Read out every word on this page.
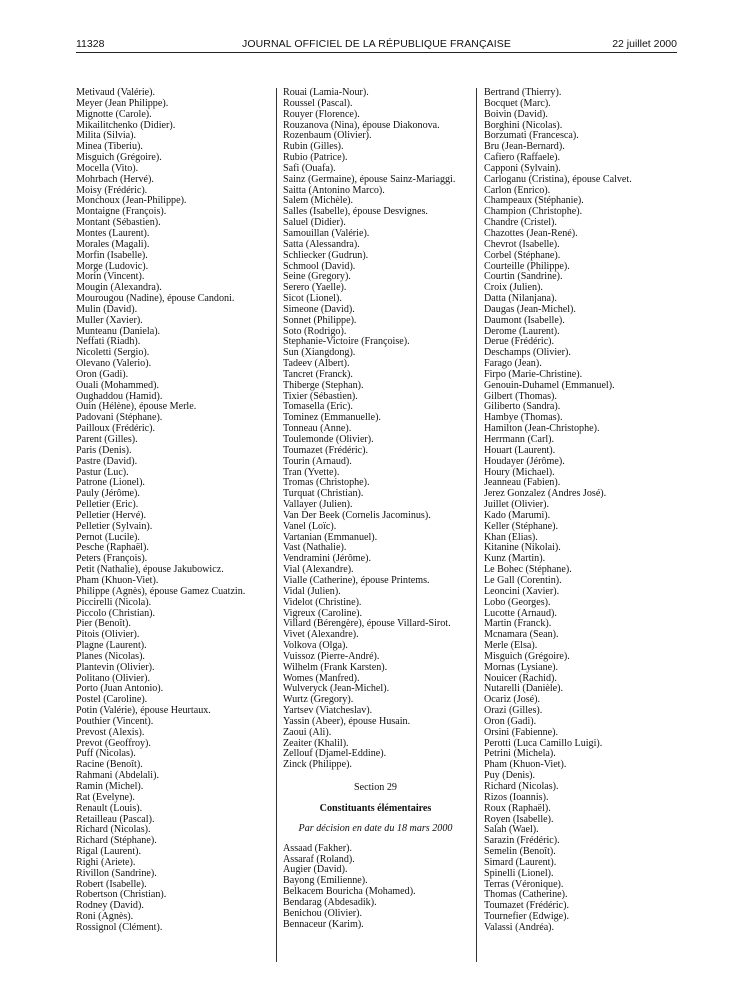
11328	JOURNAL OFFICIEL DE LA RÉPUBLIQUE FRANÇAISE	22 juillet 2000
Metivaud (Valérie).
Meyer (Jean Philippe).
Mignotte (Carole).
Mikailitchenko (Didier).
Milita (Silvia).
Minea (Tiberiu).
Misguich (Grégoire).
Mocella (Vito).
Mohrbach (Hervé).
Moisy (Frédéric).
Monchoux (Jean-Philippe).
Montaigne (François).
Montant (Sébastien).
Montes (Laurent).
Morales (Magali).
Morfin (Isabelle).
Morge (Ludovic).
Morin (Vincent).
Mougin (Alexandra).
Mourougou (Nadine), épouse Candoni.
Mulin (David).
Muller (Xavier).
Munteanu (Daniela).
Neffati (Riadh).
Nicoletti (Sergio).
Olevano (Valerio).
Oron (Gadi).
Ouali (Mohammed).
Oughaddou (Hamid).
Ouin (Hélène), épouse Merle.
Padovani (Stéphane).
Pailloux (Frédéric).
Parent (Gilles).
Paris (Denis).
Pastre (David).
Pastur (Luc).
Patrone (Lionel).
Pauly (Jérôme).
Pelletier (Eric).
Pelletier (Hervé).
Pelletier (Sylvain).
Pernot (Lucile).
Pesche (Raphaël).
Peters (François).
Petit (Nathalie), épouse Jakubowicz.
Pham (Khuon-Viet).
Philippe (Agnès), épouse Gamez Cuatzin.
Piccirelli (Nicola).
Piccolo (Christian).
Pier (Benoît).
Pitois (Olivier).
Plagne (Laurent).
Planes (Nicolas).
Plantevin (Olivier).
Politano (Olivier).
Porto (Juan Antonio).
Postel (Caroline).
Potin (Valérie), épouse Heurtaux.
Pouthier (Vincent).
Prevost (Alexis).
Prevot (Geoffroy).
Puff (Nicolas).
Racine (Benoît).
Rahmani (Abdelali).
Ramin (Michel).
Rat (Evelyne).
Renault (Louis).
Retailleau (Pascal).
Richard (Nicolas).
Richard (Stéphane).
Rigal (Laurent).
Righi (Ariete).
Rivillon (Sandrine).
Robert (Isabelle).
Robertson (Christian).
Rodney (David).
Roni (Agnès).
Rossignol (Clément).
Rouai (Lamia-Nour).
Roussel (Pascal).
Rouyer (Florence).
Rouzanova (Nina), épouse Diakonova.
Rozenbaum (Olivier).
Rubin (Gilles).
Rubio (Patrice).
Safi (Ouafa).
Sainz (Germaine), épouse Sainz-Mariaggi.
Saitta (Antonino Marco).
Salem (Michèle).
Salles (Isabelle), épouse Desvignes.
Saluel (Didier).
Samouillan (Valérie).
Satta (Alessandra).
Schliecker (Gudrun).
Schmool (David).
Seine (Gregory).
Serero (Yaelle).
Sicot (Lionel).
Simeone (David).
Sonnet (Philippe).
Soto (Rodrigo).
Stephanie-Victoire (Françoise).
Sun (Xiangdong).
Tadeev (Albert).
Tancret (Franck).
Thiberge (Stephan).
Tixier (Sébastien).
Tomasella (Eric).
Tominez (Emmanuelle).
Tonneau (Anne).
Toulemonde (Olivier).
Toumazet (Frédéric).
Tourin (Arnaud).
Tran (Yvette).
Tromas (Christophe).
Turquat (Christian).
Vallayer (Julien).
Van Der Beek (Cornelis Jacominus).
Vanel (Loïc).
Vartanian (Emmanuel).
Vast (Nathalie).
Vendramini (Jérôme).
Vial (Alexandre).
Vialle (Catherine), épouse Printems.
Vidal (Julien).
Videlot (Christine).
Vigreux (Caroline).
Villard (Bérengère), épouse Villard-Sirot.
Vivet (Alexandre).
Volkova (Olga).
Vuissoz (Pierre-André).
Wilhelm (Frank Karsten).
Womes (Manfred).
Wulveryck (Jean-Michel).
Wurtz (Gregory).
Yartsev (Viatcheslav).
Yassin (Abeer), épouse Husain.
Zaoui (Ali).
Zeaiter (Khalil).
Zellouf (Djamel-Eddine).
Zinck (Philippe).
Section 29
Constituants élémentaires
Par décision en date du 18 mars 2000
Assaad (Fakher).
Assaraf (Roland).
Augier (David).
Bayong (Emilienne).
Belkacem Bouricha (Mohamed).
Bendarag (Abdesadik).
Benichou (Olivier).
Bennaceur (Karim).
Bertrand (Thierry).
Bocquet (Marc).
Boivin (David).
Borghini (Nicolas).
Borzumati (Francesca).
Bru (Jean-Bernard).
Cafiero (Raffaele).
Capponi (Sylvain).
Carloganu (Cristina), épouse Calvet.
Carlon (Enrico).
Champeaux (Stéphanie).
Champion (Christophe).
Chandre (Cristel).
Chazottes (Jean-René).
Chevrot (Isabelle).
Corbel (Stéphane).
Courteille (Philippe).
Courtin (Sandrine).
Croix (Julien).
Datta (Nilanjana).
Daugas (Jean-Michel).
Daumont (Isabelle).
Derome (Laurent).
Derue (Frédéric).
Deschamps (Olivier).
Farago (Jean).
Firpo (Marie-Christine).
Genouin-Duhamel (Emmanuel).
Gilbert (Thomas).
Giliberto (Sandra).
Hambye (Thomas).
Hamilton (Jean-Christophe).
Herrmann (Carl).
Houart (Laurent).
Houdayer (Jérôme).
Houry (Michael).
Jeanneau (Fabien).
Jerez Gonzalez (Andres José).
Juillet (Olivier).
Kado (Marumi).
Keller (Stéphane).
Khan (Elias).
Kitanine (Nikolai).
Kunz (Martin).
Le Bohec (Stéphane).
Le Gall (Corentin).
Leoncini (Xavier).
Lobo (Georges).
Lucotte (Arnaud).
Martin (Franck).
Mcnamara (Sean).
Merle (Elsa).
Misguich (Grégoire).
Mornas (Lysiane).
Nouicer (Rachid).
Nutarelli (Danièle).
Ocariz (José).
Orazi (Gilles).
Oron (Gadi).
Orsini (Fabienne).
Perotti (Luca Camillo Luigi).
Petrini (Michela).
Pham (Khuon-Viet).
Puy (Denis).
Richard (Nicolas).
Rizos (Ioannis).
Roux (Raphaël).
Royen (Isabelle).
Salah (Wael).
Sarazin (Frédéric).
Semelin (Benoît).
Simard (Laurent).
Spinelli (Lionel).
Terras (Véronique).
Thomas (Catherine).
Toumazet (Frédéric).
Tournefier (Edwige).
Valassi (Andréa).
